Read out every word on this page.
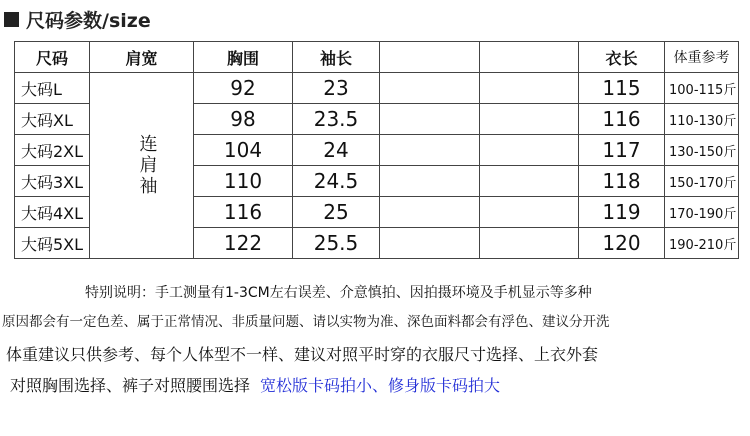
尺码参数/size
尺码	肩宽	胸围	袖长			衣长	体重参考
大码L	连肩袖	92	23			115	100-115斤
大码XL		98	23.5			116	110-130斤
大码2XL		104	24			117	130-150斤
大码3XL		110	24.5			118	150-170斤
大码4XL		116	25			119	170-190斤
大码5XL		122	25.5			120	190-210斤
特别说明：手工测量有1-3CM左右误差、介意慎拍、因拍摄环境及手机显示等多种
原因都会有一定色差、属于正常情况、非质量问题、请以实物为准、深色面料都会有浮色、建议分开洗
体重建议只供参考、每个人体型不一样、建议对照平时穿的衣服尺寸选择、上衣外套
对照胸围选择、裤子对照腰围选择 宽松版卡码拍小、修身版卡码拍大
